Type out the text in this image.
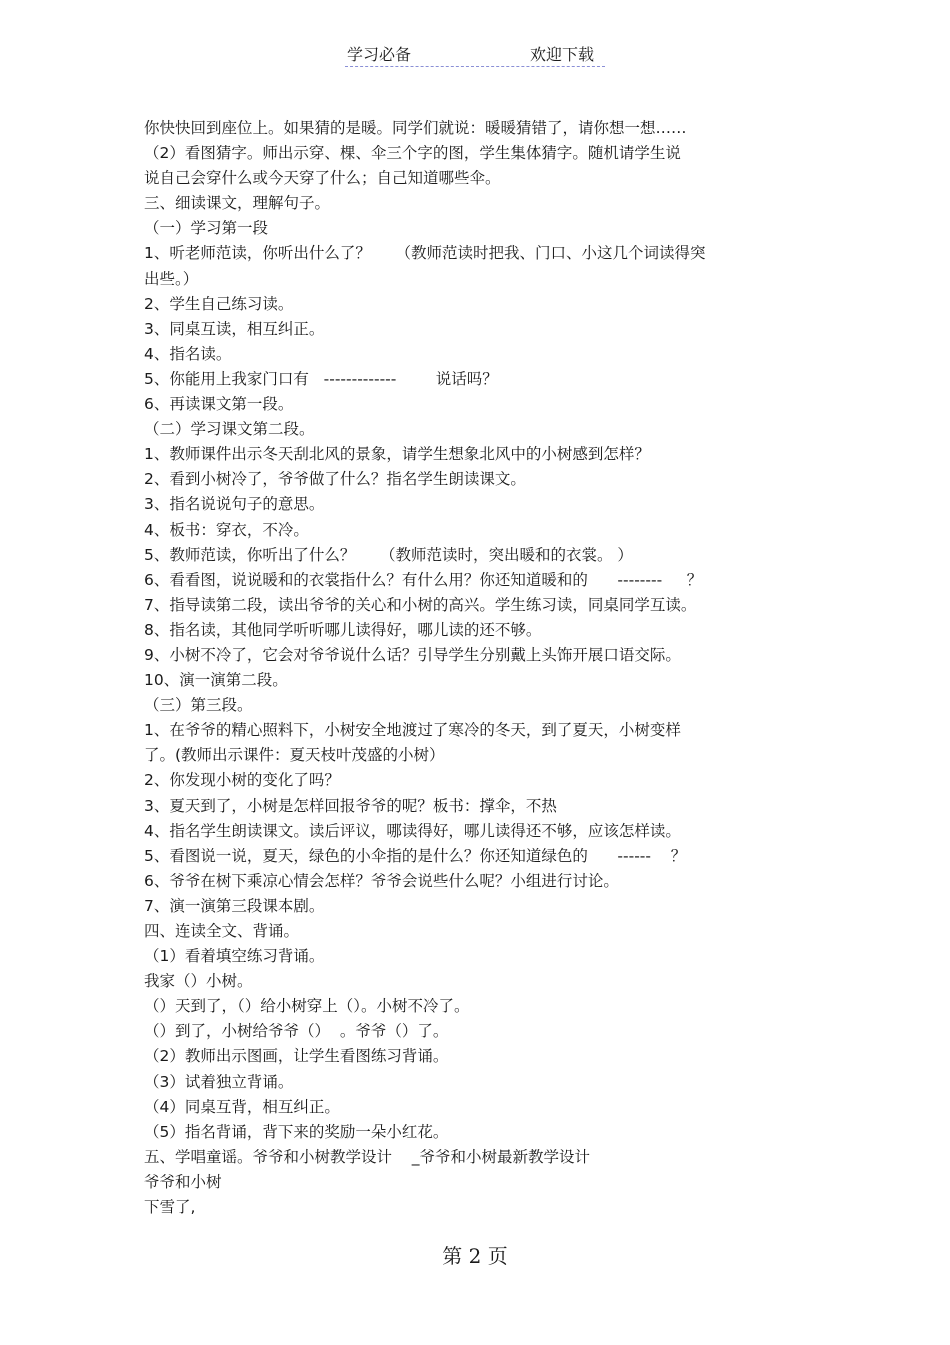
学习必备	欢迎下载
你快快回到座位上。如果猜的是暖。同学们就说：暖暖猜错了，请你想一想……
（2）看图猜字。师出示穿、棵、伞三个字的图，学生集体猜字。随机请学生说
说自己会穿什么或今天穿了什么；自己知道哪些伞。
三、细读课文，理解句子。
（一）学习第一段
1、听老师范读，你听出什么了？     （教师范读时把我、门口、小这几个词读得突
出些。）
2、学生自己练习读。
3、同桌互读，相互纠正。
4、指名读。
5、你能用上我家门口有   -------------        说话吗？
6、再读课文第一段。
（二）学习课文第二段。
1、教师课件出示冬天刮北风的景象，请学生想象北风中的小树感到怎样？
2、看到小树冷了，爷爷做了什么？指名学生朗读课文。
3、指名说说句子的意思。
4、板书：穿衣，不冷。
5、教师范读，你听出了什么？     （教师范读时，突出暖和的衣裳。 ）
6、看看图，说说暖和的衣裳指什么？有什么用？你还知道暖和的      --------     ？
7、指导读第二段，读出爷爷的关心和小树的高兴。学生练习读，同桌同学互读。
8、指名读，其他同学听听哪儿读得好，哪儿读的还不够。
9、小树不冷了，它会对爷爷说什么话？引导学生分别戴上头饰开展口语交际。
10、演一演第二段。
（三）第三段。
1、在爷爷的精心照料下，小树安全地渡过了寒冷的冬天，到了夏天，小树变样
了。(教师出示课件：夏天枝叶茂盛的小树）
2、你发现小树的变化了吗？
3、夏天到了，小树是怎样回报爷爷的呢？板书：撑伞，不热
4、指名学生朗读课文。读后评议，哪读得好，哪儿读得还不够，应该怎样读。
5、看图说一说，夏天，绿色的小伞指的是什么？你还知道绿色的      ------    ？
6、爷爷在树下乘凉心情会怎样？爷爷会说些什么呢？小组进行讨论。
7、演一演第三段课本剧。
四、连读全文、背诵。
（1）看着填空练习背诵。
我家（）小树。
（）天到了，（）给小树穿上（）。小树不冷了。
（）到了，小树给爷爷（）  。爷爷（）了。
（2）教师出示图画，让学生看图练习背诵。
（3）试着独立背诵。
（4）同桌互背，相互纠正。
（5）指名背诵，背下来的奖励一朵小红花。
五、学唱童谣。爷爷和小树教学设计    _爷爷和小树最新教学设计
爷爷和小树
下雪了,
第 2 页
